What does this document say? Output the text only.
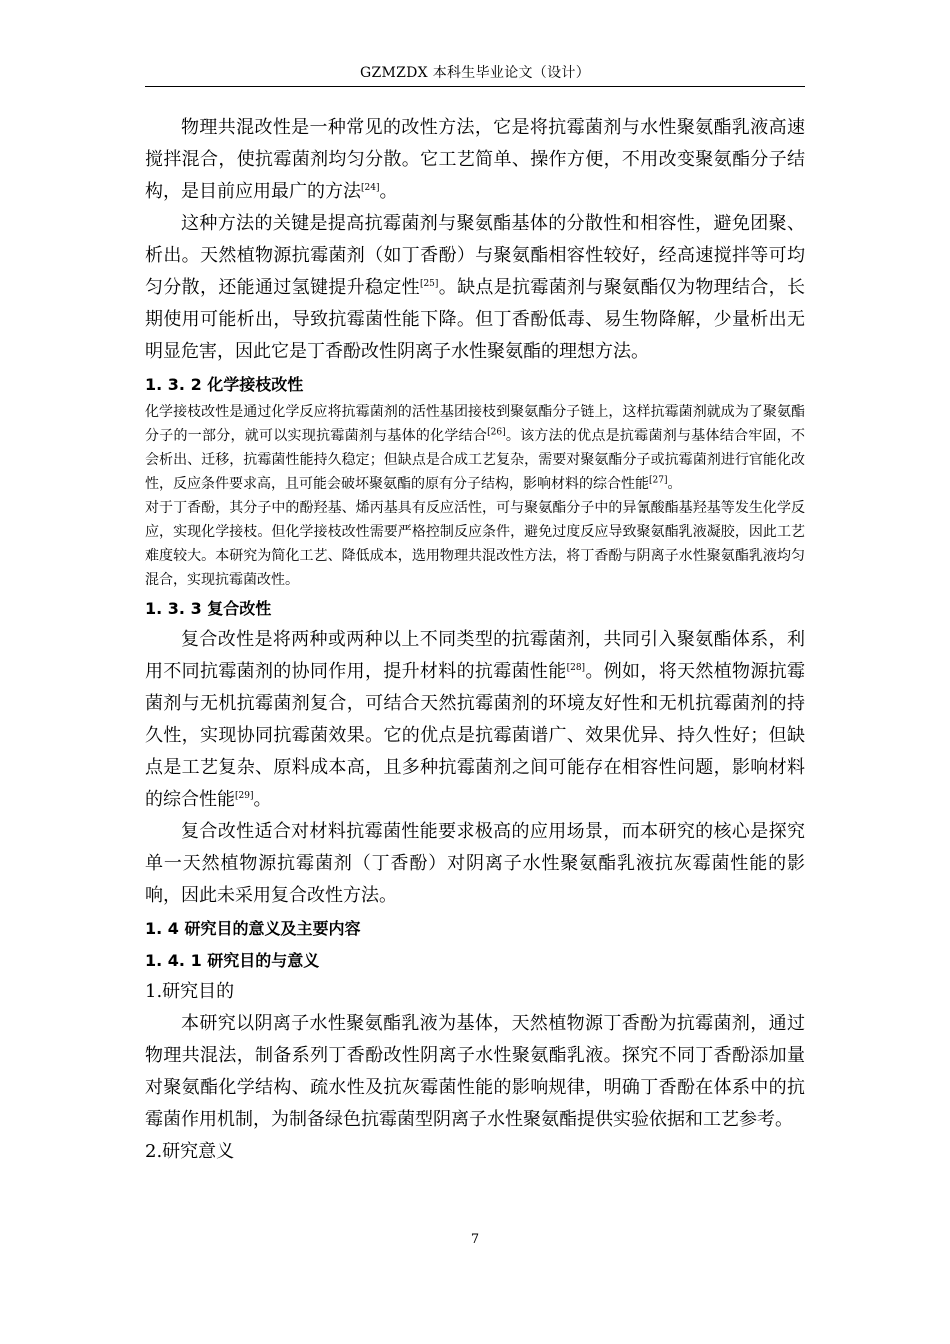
GZMZDX 本科生毕业论文（设计）

物理共混改性是一种常见的改性方法，它是将抗霉菌剂与水性聚氨酯乳液高速搅拌混合，使抗霉菌剂均匀分散。它工艺简单、操作方便，不用改变聚氨酯分子结构，是目前应用最广的方法[24]。

这种方法的关键是提高抗霉菌剂与聚氨酯基体的分散性和相容性，避免团聚、析出。天然植物源抗霉菌剂（如丁香酚）与聚氨酯相容性较好，经高速搅拌等可均匀分散，还能通过氢键提升稳定性[25]。缺点是抗霉菌剂与聚氨酯仅为物理结合，长期使用可能析出，导致抗霉菌性能下降。但丁香酚低毒、易生物降解，少量析出无明显危害，因此它是丁香酚改性阴离子水性聚氨酯的理想方法。

1. 3. 2 化学接枝改性

化学接枝改性是通过化学反应将抗霉菌剂的活性基团接枝到聚氨酯分子链上，这样抗霉菌剂就成为了聚氨酯分子的一部分，就可以实现抗霉菌剂与基体的化学结合[26]。该方法的优点是抗霉菌剂与基体结合牢固，不会析出、迁移，抗霉菌性能持久稳定；但缺点是合成工艺复杂，需要对聚氨酯分子或抗霉菌剂进行官能化改性，反应条件要求高，且可能会破坏聚氨酯的原有分子结构，影响材料的综合性能[27]。

对于丁香酚，其分子中的酚羟基、烯丙基具有反应活性，可与聚氨酯分子中的异氰酸酯基羟基等发生化学反应，实现化学接枝。但化学接枝改性需要严格控制反应条件，避免过度反应导致聚氨酯乳液凝胶，因此工艺难度较大。本研究为简化工艺、降低成本，选用物理共混改性方法，将丁香酚与阴离子水性聚氨酯乳液均匀混合，实现抗霉菌改性。

1. 3. 3 复合改性

复合改性是将两种或两种以上不同类型的抗霉菌剂，共同引入聚氨酯体系，利用不同抗霉菌剂的协同作用，提升材料的抗霉菌性能[28]。例如，将天然植物源抗霉菌剂与无机抗霉菌剂复合，可结合天然抗霉菌剂的环境友好性和无机抗霉菌剂的持久性，实现协同抗霉菌效果。它的优点是抗霉菌谱广、效果优异、持久性好；但缺点是工艺复杂、原料成本高，且多种抗霉菌剂之间可能存在相容性问题，影响材料的综合性能[29]。

复合改性适合对材料抗霉菌性能要求极高的应用场景，而本研究的核心是探究单一天然植物源抗霉菌剂（丁香酚）对阴离子水性聚氨酯乳液抗灰霉菌性能的影响，因此未采用复合改性方法。

1. 4 研究目的意义及主要内容
1. 4. 1 研究目的与意义

1.研究目的

本研究以阴离子水性聚氨酯乳液为基体，天然植物源丁香酚为抗霉菌剂，通过物理共混法，制备系列丁香酚改性阴离子水性聚氨酯乳液。探究不同丁香酚添加量对聚氨酯化学结构、疏水性及抗灰霉菌性能的影响规律，明确丁香酚在体系中的抗霉菌作用机制，为制备绿色抗霉菌型阴离子水性聚氨酯提供实验依据和工艺参考。

2.研究意义

7
